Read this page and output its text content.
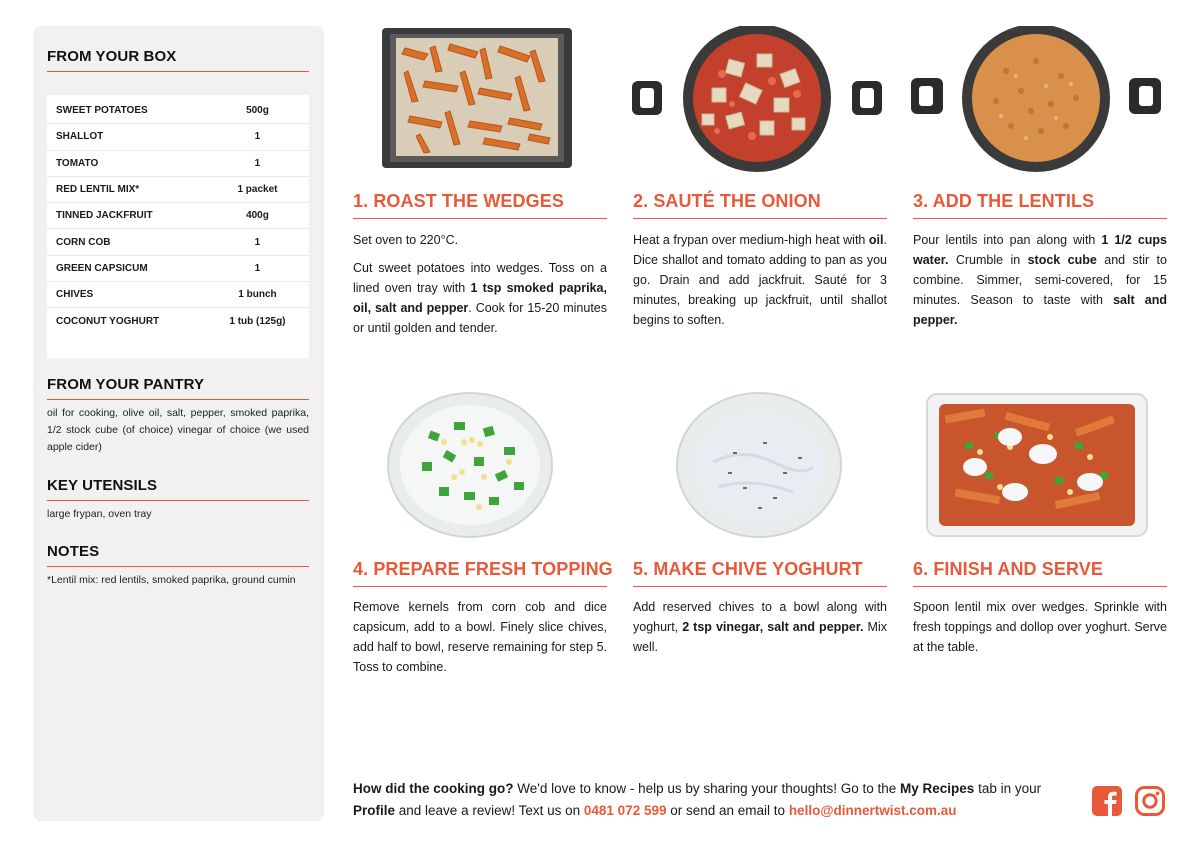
FROM YOUR BOX
SWEET POTATOES	500g
SHALLOT	1
TOMATO	1
RED LENTIL MIX*	1 packet
TINNED JACKFRUIT	400g
CORN COB	1
GREEN CAPSICUM	1
CHIVES	1 bunch
COCONUT YOGHURT	1 tub (125g)
FROM YOUR PANTRY
oil for cooking, olive oil, salt, pepper, smoked paprika, 1/2 stock cube (of choice) vinegar of choice (we used apple cider)
KEY UTENSILS
large frypan, oven tray
NOTES
*Lentil mix: red lentils, smoked paprika, ground cumin
1. ROAST THE WEDGES

Set oven to 220°C.

Cut sweet potatoes into wedges. Toss on a lined oven tray with 1 tsp smoked paprika, oil, salt and pepper. Cook for 15-20 minutes or until golden and tender.

2. SAUTÉ THE ONION

Heat a frypan over medium-high heat with oil. Dice shallot and tomato adding to pan as you go. Drain and add jackfruit. Sauté for 3 minutes, breaking up jackfruit, until shallot begins to soften.

3. ADD THE LENTILS

Pour lentils into pan along with 1 1/2 cups water. Crumble in stock cube and stir to combine. Simmer, semi-covered, for 15 minutes. Season to taste with salt and pepper.

4. PREPARE FRESH TOPPING

Remove kernels from corn cob and dice capsicum, add to a bowl. Finely slice chives, add half to bowl, reserve remaining for step 5. Toss to combine.

5. MAKE CHIVE YOGHURT

Add reserved chives to a bowl along with yoghurt, 2 tsp vinegar, salt and pepper. Mix well.

6. FINISH AND SERVE

Spoon lentil mix over wedges. Sprinkle with fresh toppings and dollop over yoghurt. Serve at the table.

How did the cooking go? We'd love to know - help us by sharing your thoughts! Go to the My Recipes tab in your Profile and leave a review! Text us on 0481 072 599 or send an email to hello@dinnertwist.com.au
